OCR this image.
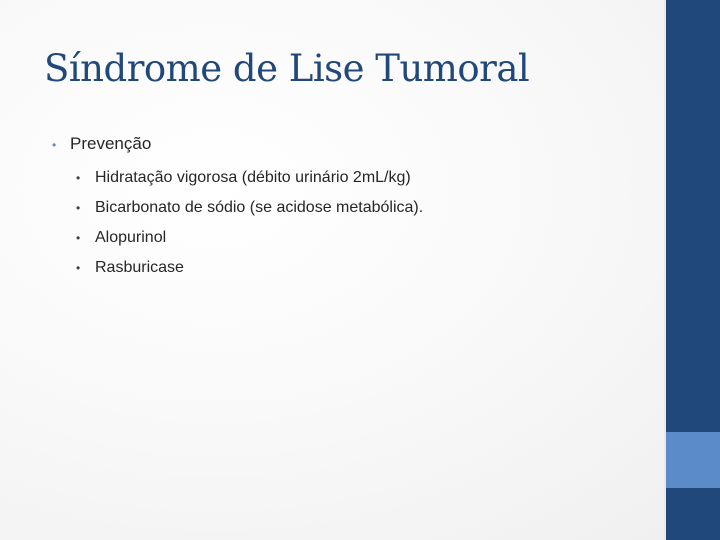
Síndrome de Lise Tumoral
• Prevenção
• Hidratação vigorosa (débito urinário 2mL/kg)
• Bicarbonato de sódio (se acidose metabólica).
• Alopurinol
• Rasburicase
